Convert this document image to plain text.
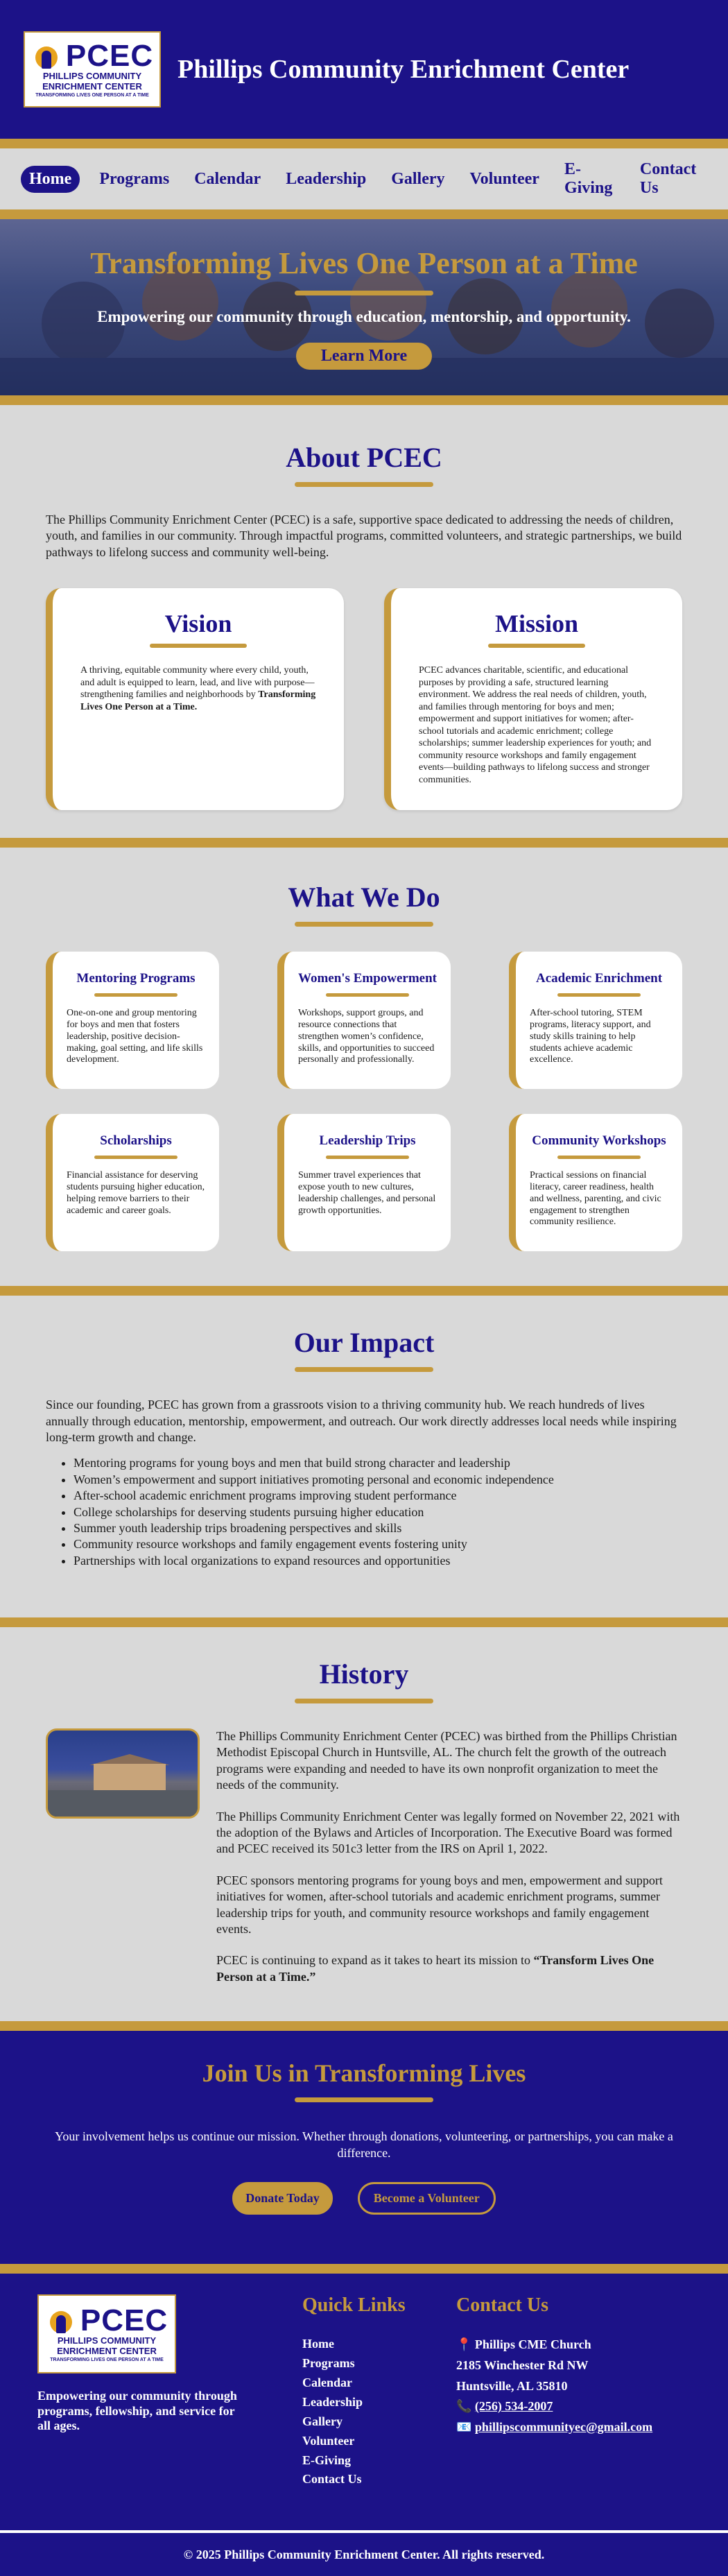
PCEC
PHILLIPS COMMUNITY
ENRICHMENT CENTER
TRANSFORMING LIVES ONE PERSON AT A TIME
Phillips Community Enrichment Center
Home	Programs	Calendar	Leadership	Gallery	Volunteer
E-Giving
Contact Us
Transforming Lives One Person at a Time

Empowering our community through education, mentorship, and opportunity.

Learn More
About PCEC

The Phillips Community Enrichment Center (PCEC) is a safe, supportive space dedicated to addressing the needs of children, youth, and families in our community. Through impactful programs, committed volunteers, and strategic partnerships, we build pathways to lifelong success and community well-being.

Vision

A thriving, equitable community where every child, youth, and adult is equipped to learn, lead, and live with purpose— strengthening families and neighborhoods by Transforming Lives One Person at a Time.

Mission

PCEC advances charitable, scientific, and educational purposes by providing a safe, structured learning environment. We address the real needs of children, youth, and families through mentoring for boys and men; empowerment and support initiatives for women; after-school tutorials and academic enrichment; college scholarships; summer leadership experiences for youth; and community resource workshops and family engagement events—building pathways to lifelong success and stronger communities.

What We Do
Mentoring Programs

One-on-one and group mentoring for boys and men that fosters leadership, positive decision-making, goal setting, and life skills development.

Women's Empowerment

Workshops, support groups, and resource connections that strengthen women’s confidence, skills, and opportunities to succeed personally and professionally.

Academic Enrichment

After-school tutoring, STEM programs, literacy support, and study skills training to help students achieve academic excellence.

Scholarships

Financial assistance for deserving students pursuing higher education, helping remove barriers to their academic and career goals.

Leadership Trips

Summer travel experiences that expose youth to new cultures, leadership challenges, and personal growth opportunities.

Community Workshops

Practical sessions on financial literacy, career readiness, health and wellness, parenting, and civic engagement to strengthen community resilience.

Our Impact

Since our founding, PCEC has grown from a grassroots vision to a thriving community hub. We reach hundreds of lives annually through education, mentorship, empowerment, and outreach. Our work directly addresses local needs while inspiring long-term growth and change.

• Mentoring programs for young boys and men that build strong character and leadership
• Women’s empowerment and support initiatives promoting personal and economic independence
• After-school academic enrichment programs improving student performance
• College scholarships for deserving students pursuing higher education
• Summer youth leadership trips broadening perspectives and skills
• Community resource workshops and family engagement events fostering unity
• Partnerships with local organizations to expand resources and opportunities
History

The Phillips Community Enrichment Center (PCEC) was birthed from the Phillips Christian Methodist Episcopal Church in Huntsville, AL. The church felt the growth of the outreach programs were expanding and needed to have its own nonprofit organization to meet the needs of the community.

The Phillips Community Enrichment Center was legally formed on November 22, 2021 with the adoption of the Bylaws and Articles of Incorporation. The Executive Board was formed and PCEC received its 501c3 letter from the IRS on April 1, 2022.

PCEC sponsors mentoring programs for young boys and men, empowerment and support initiatives for women, after-school tutorials and academic enrichment programs, summer leadership trips for youth, and community resource workshops and family engagement events.

PCEC is continuing to expand as it takes to heart its mission to “Transform Lives One Person at a Time.”

Join Us in Transforming Lives

Your involvement helps us continue our mission. Whether through donations, volunteering, or partnerships, you can make a difference.

Donate Today	Become a Volunteer
PCEC
PHILLIPS COMMUNITY
ENRICHMENT CENTER
TRANSFORMING LIVES ONE PERSON AT A TIME

Empowering our community through programs, fellowship, and service for all ages.

Quick Links
Home
Programs
Calendar
Leadership
Gallery
Volunteer
E-Giving
Contact Us
Contact Us
📍 Phillips CME Church
2185 Winchester Rd NW
Huntsville, AL 35810
📞 (256) 534-2007
📧 phillipscommunityec@gmail.com
© 2025 Phillips Community Enrichment Center. All rights reserved.
